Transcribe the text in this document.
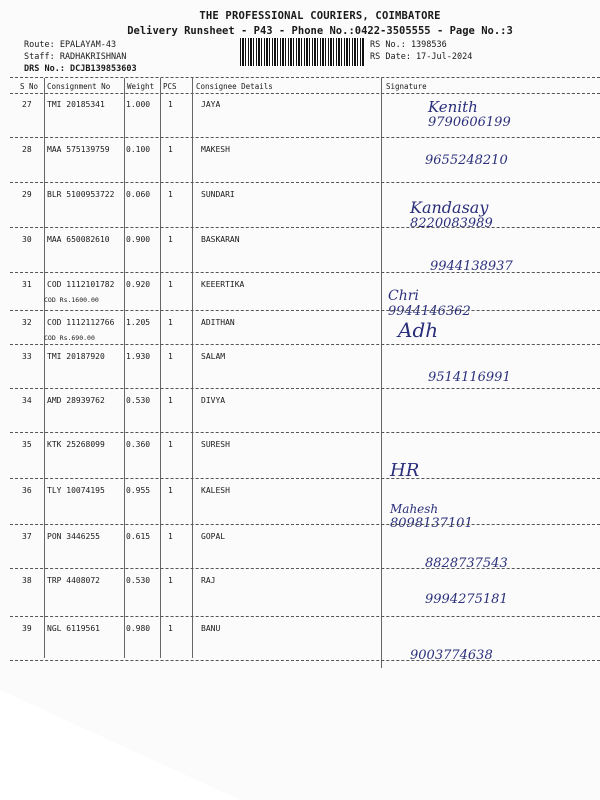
THE PROFESSIONAL COURIERS, COIMBATORE
Delivery Runsheet - P43 - Phone No.:0422-3505555 - Page No.:3
Route: EPALAYAM-43
Staff: RADHAKRISHNAN
DRS No.: DCJB139853603
RS No.: 1398536
RS Date: 17-Jul-2024
S No Consignment No Weight PCS	Consignee Details	Signature
27 TMI 20185341	1.000 1	JAYA	Kenith
9790606199
28 MAA 575139759 0.100 1	MAKESH
9655248210
29 BLR 5100953722 0.060 1	SUNDARI
Kandasay
8220083989
30 MAA 650082610 0.900 1	BASKARAN
9944138937
31 COD 1112101782 0.920 1	KEEERTIKA
COD Rs.1600.00	Chri
9944146362
32 COD 1112112766 1.205 1	ADITHAN
COD Rs.690.00	Adh
33 TMI 20187920	1.930 1	SALAM
9514116991
34 AMD 28939762	0.530 1	DIVYA
35 KTK 25268099	0.360 1	SURESH
HR
36 TLY 10074195	0.955 1	KALESH
Mahesh
8098137101
37 PON 3446255	0.615 1	GOPAL
8828737543
38 TRP 4408072	0.530 1	RAJ
9994275181
39 NGL 6119561	0.980 1	BANU
9003774638
